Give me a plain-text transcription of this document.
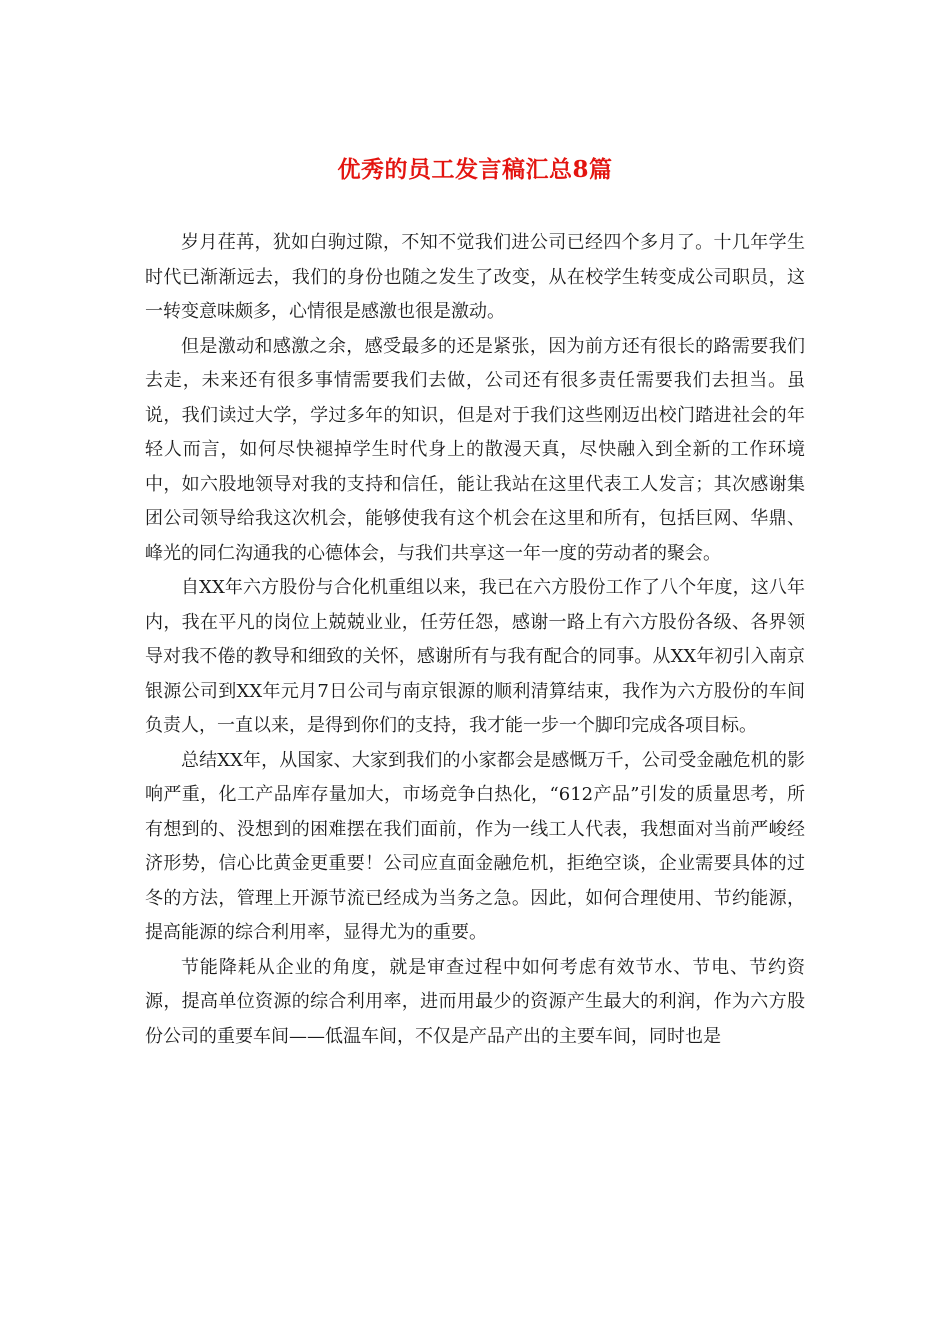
优秀的员工发言稿汇总8篇

岁月荏苒，犹如白驹过隙，不知不觉我们进公司已经四个多月了。十几年学生时代已渐渐远去，我们的身份也随之发生了改变，从在校学生转变成公司职员，这一转变意味颇多，心情很是感激也很是激动。

但是激动和感激之余，感受最多的还是紧张，因为前方还有很长的路需要我们去走，未来还有很多事情需要我们去做，公司还有很多责任需要我们去担当。虽说，我们读过大学，学过多年的知识，但是对于我们这些刚迈出校门踏进社会的年轻人而言，如何尽快褪掉学生时代身上的散漫天真，尽快融入到全新的工作环境中，如六股地领导对我的支持和信任，能让我站在这里代表工人发言；其次感谢集团公司领导给我这次机会，能够使我有这个机会在这里和所有，包括巨网、华鼎、峰光的同仁沟通我的心德体会，与我们共享这一年一度的劳动者的聚会。

自XX年六方股份与合化机重组以来，我已在六方股份工作了八个年度，这八年内，我在平凡的岗位上兢兢业业，任劳任怨，感谢一路上有六方股份各级、各界领导对我不倦的教导和细致的关怀，感谢所有与我有配合的同事。从XX年初引入南京银源公司到XX年元月7日公司与南京银源的顺利清算结束，我作为六方股份的车间负责人，一直以来，是得到你们的支持，我才能一步一个脚印完成各项目标。

总结XX年，从国家、大家到我们的小家都会是感慨万千，公司受金融危机的影响严重，化工产品库存量加大，市场竞争白热化，“612产品”引发的质量思考，所有想到的、没想到的困难摆在我们面前，作为一线工人代表，我想面对当前严峻经济形势，信心比黄金更重要！公司应直面金融危机，拒绝空谈，企业需要具体的过冬的方法，管理上开源节流已经成为当务之急。因此，如何合理使用、节约能源，提高能源的综合利用率，显得尤为的重要。

节能降耗从企业的角度，就是审查过程中如何考虑有效节水、节电、节约资源，提高单位资源的综合利用率，进而用最少的资源产生最大的利润，作为六方股份公司的重要车间——低温车间，不仅是产品产出的主要车间，同时也是
